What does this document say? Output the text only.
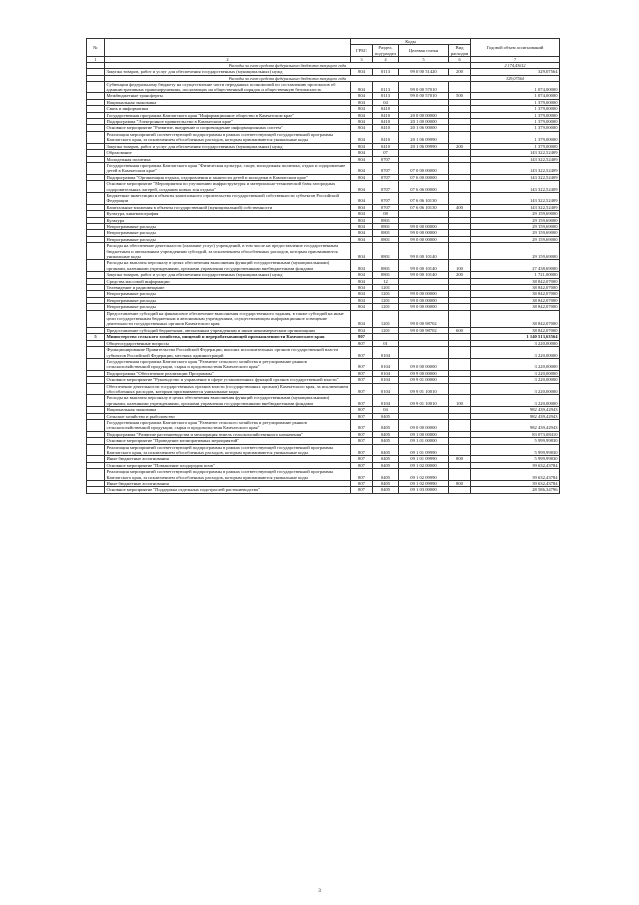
№		Коды				Годовой объем ассигнований
		ГРБС	Раздел, под-раздел	Целевая статья	Вид расходов	
1	2	3	4	5	6	7
	Расходы за счет средств федерального бюджета текущего года					2 174,43612
	Закупка товаров, работ и услуг для обеспечения государственных (муниципальных) нужд	804	0113	99 0 00 51420	200	329,07564
	Расходы за счет средств федерального бюджета текущего года					329,07564
	Субвенции федеральному бюджету на осуществление части переданных полномочий по составлению протоколов об административных правонарушениях, посягающих на общественный порядок и общественную безопасность	804	0113	99 0 00 57010		1 074,00000
	Межбюджетные трансферты	804	0113	99 0 00 57010	500	1 074,00000
	Национальная экономика	804	04			1 379,00000
	Связь и информатика	804	0410			1 379,00000
	Государственная программа Камчатского края "Информационное общество в Камчатском крае"	804	0410	20 0 00 00000		1 379,00000
	Подпрограмма "Электронное правительство в Камчатском крае"	804	0410	20 1 00 00000		1 379,00000
	Основное мероприятие "Развитие, внедрение и сопровождение информационных систем"	804	0410	20 1 06 00000		1 379,00000
	Реализация мероприятий соответствующей подпрограммы в рамках соответствующей государственной программы Камчатского края, за исключением обособленных расходов, которым присваиваются уникальные коды	804	0410	20 1 06 09990		1 379,00000
	Закупка товаров, работ и услуг для обеспечения государственных (муниципальных) нужд	804	0410	20 1 06 09990	200	1 379,00000
	Образование	804	07			143 322,52409
	Молодежная политика	804	0707			143 322,52409
	Государственная программа Камчатского края "Физическая культура, спорт, молодежная политика, отдых и оздоровление детей в Камчатском крае"	804	0707	07 0 00 00000		143 322,52409
	Подпрограмма "Организация отдыха, оздоровления и занятости детей и молодежи в Камчатском крае"	804	0707	07 6 00 00000		143 322,52409
	Основное мероприятие "Мероприятия по улучшению инфраструктуры и материально-технической базы загородных оздоровительных лагерей, созданию новых зон отдыха"	804	0707	07 6 06 00000		143 322,52409
	Бюджетные инвестиции в объекты капитального строительства государственной собственности субъектов Российской Федерации	804	0707	07 6 06 10130		143 322,52409
	Капитальные вложения в объекты государственной (муниципальной) собственности	804	0707	07 6 06 10130	400	143 322,52409
	Культура, кинематография	804	08			29 159,69000
	Культура	804	0801			29 159,69000
	Непрограммные расходы	804	0801	99 0 00 00000		29 159,69000
	Непрограммные расходы	804	0801	99 0 00 00000		29 159,69000
	Непрограммные расходы	804	0801	99 0 00 00000		29 159,69000
	Расходы на обеспечение деятельности (оказание услуг) учреждений, в том числе на предоставление государственным бюджетным и автономным учреждениям субсидий, за исключением обособленных расходов, которым присваиваются уникальные коды	804	0801	99 0 00 10140		29 159,69000
	Расходы на выплаты персоналу в целях обеспечения выполнения функций государственными (муниципальными) органами, казенными учреждениями, органами управления государственными внебюджетными фондами	804	0801	99 0 00 10140	100	27 438,69000
	Закупка товаров, работ и услуг для обеспечения государственных (муниципальных) нужд	804	0801	99 0 00 10140	200	1 721,00000
	Средства массовой информации	804	12			38 842,07000
	Телевидение и радиовещание	804	1201			38 842,07000
	Непрограммные расходы	804	1201	99 0 00 00000		38 842,07000
	Непрограммные расходы	804	1201	99 0 00 00000		38 842,07000
	Непрограммные расходы	804	1201	99 0 00 00000		38 842,07000
	Предоставление субсидий на финансовое обеспечение выполнения государственного задания, в также субсидий на иные цели государственным бюджетным и автономным учреждениям, осуществляющим информационное освещение деятельности государственных органов Камчатского края	804	1201	99 0 00 98702		38 842,07000
	Предоставление субсидий бюджетным, автономным учреждениям и иным некоммерческим организациям	804	1201	99 0 00 98702	600	38 842,07000
5	Министерство сельского хозяйства, пищевой и перерабатывающей промышленности Камчатского края	807				1 140 513,63564
	Общегосударственные вопросы	807	01			3 220,00000
	Функционирование Правительства Российской Федерации, высших исполнительных органов государственной власти субъектов Российской Федерации, местных администраций	807	0104			3 220,00000
	Государственная программа Камчатского края "Развитие сельского хозяйства и регулирование рынков сельскохозяйственной продукции, сырья и продовольствия Камчатского края"	807	0104	09 0 00 00000		3 220,00000
	Подпрограмма "Обеспечение реализации Программы"	807	0104	09 9 00 00000		3 220,00000
	Основное мероприятие "Руководство и управление в сфере установленных функций органов государственной власти"	807	0104	09 9 01 00000		3 220,00000
	Обеспечение деятельности государственных органов власти (государственных органов) Камчатского края, за исключением обособленных расходов, которым присваиваются уникальные коды	807	0104	09 9 01 10010		3 220,00000
	Расходы на выплаты персоналу в целях обеспечения выполнения функций государственными (муниципальными) органами, казенными учреждениями, органами управления государственными внебюджетными фондами	807	0104	09 9 01 10010	100	3 220,00000
	Национальная экономика	807	04			982 439,42943
	Сельское хозяйство и рыболовство	807	0405			982 439,42943
	Государственная программа Камчатского края "Развитие сельского хозяйства и регулирование рынков сельскохозяйственной продукции, сырья и продовольствия Камчатского края"	807	0405	09 0 00 00000		982 439,42943
	Подпрограмма "Развитие растениеводства и мелиорация земель сельскохозяйственного назначения"	807	0405	09 1 00 00000		83 073,08410
	Основное мероприятие "Проведение мелиоративных мероприятий"	807	0405	09 1 01 00000		5 999,99830
	Реализация мероприятий соответствующей подпрограммы в рамках соответствующей государственной программы Камчатского края, за исключением обособленных расходов, которым присваиваются уникальные коды	807	0405	09 1 01 09990		5 999,99830
	Иные бюджетные ассигнования	807	0405	09 1 01 09990	800	5 999,99830
	Основное мероприятие "Повышение плодородия почв"	807	0405	09 1 02 00000		39 632,43784
	Реализация мероприятий соответствующей подпрограммы в рамках соответствующей государственной программы Камчатского края, за исключением обособленных расходов, которым присваиваются уникальные коды	807	0405	09 1 02 09990		39 632,43784
	Иные бюджетные ассигнования	807	0405	09 1 02 09990	800	39 632,43784
	Основное мероприятие "Поддержка отдельных подотраслей растениеводства"	807	0405	09 1 03 00000		28 586,34796
3
